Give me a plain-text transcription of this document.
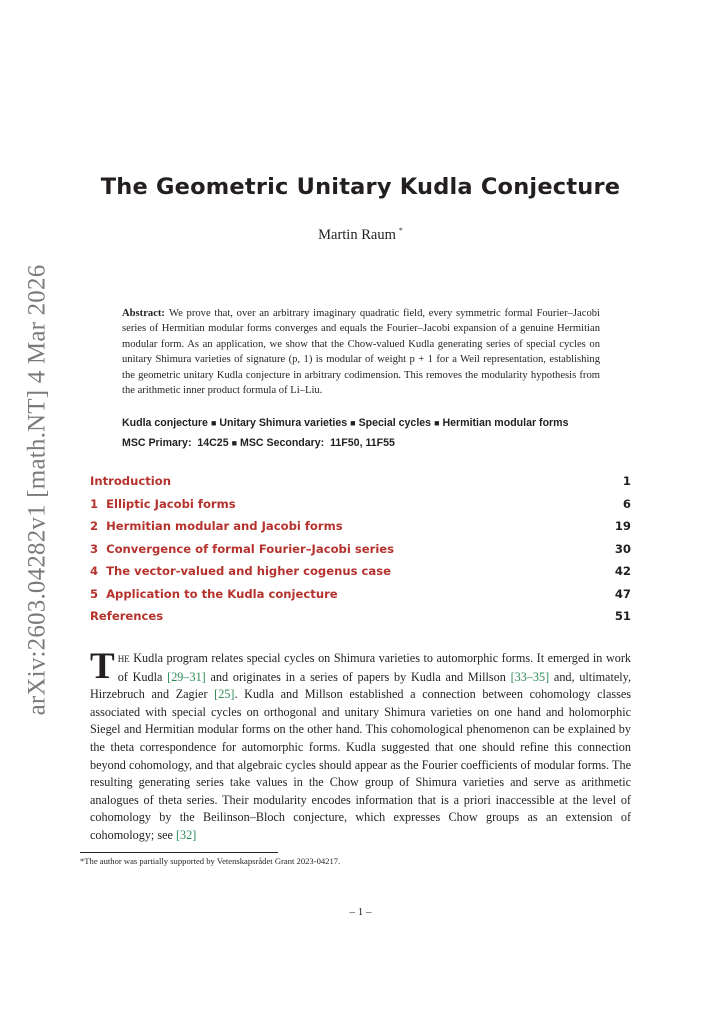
arXiv:2603.04282v1 [math.NT] 4 Mar 2026
The Geometric Unitary Kudla Conjecture
Martin Raum *
Abstract: We prove that, over an arbitrary imaginary quadratic field, every symmetric formal Fourier–Jacobi series of Hermitian modular forms converges and equals the Fourier–Jacobi expansion of a genuine Hermitian modular form. As an application, we show that the Chow-valued Kudla generating series of special cycles on unitary Shimura varieties of signature (p, 1) is modular of weight p + 1 for a Weil representation, establishing the geometric unitary Kudla conjecture in arbitrary codimension. This removes the modularity hypothesis from the arithmetic inner product formula of Li–Liu.
Kudla conjecture ■ Unitary Shimura varieties ■ Special cycles ■ Hermitian modular forms
MSC Primary: 14C25 ■ MSC Secondary: 11F50, 11F55
Introduction	1
1 Elliptic Jacobi forms	6
2 Hermitian modular and Jacobi forms	19
3 Convergence of formal Fourier–Jacobi series	30
4 The vector-valued and higher cogenus case	42
5 Application to the Kudla conjecture	47
References	51
THE Kudla program relates special cycles on Shimura varieties to automorphic forms. It emerged in work of Kudla [29–31] and originates in a series of papers by Kudla and Millson [33–35] and, ultimately, Hirzebruch and Zagier [25]. Kudla and Millson established a connection between cohomology classes associated with special cycles on orthogonal and unitary Shimura varieties on one hand and holomorphic Siegel and Hermitian modular forms on the other hand. This cohomological phenomenon can be explained by the theta correspondence for automorphic forms. Kudla suggested that one should refine this connection beyond cohomology, and that algebraic cycles should appear as the Fourier coefficients of modular forms. The resulting generating series take values in the Chow group of Shimura varieties and serve as arithmetic analogues of theta series. Their modularity encodes information that is a priori inaccessible at the level of cohomology by the Beilinson–Bloch conjecture, which expresses Chow groups as an extension of cohomology; see [32]
*The author was partially supported by Vetenskapsrådet Grant 2023-04217.
– 1 –
